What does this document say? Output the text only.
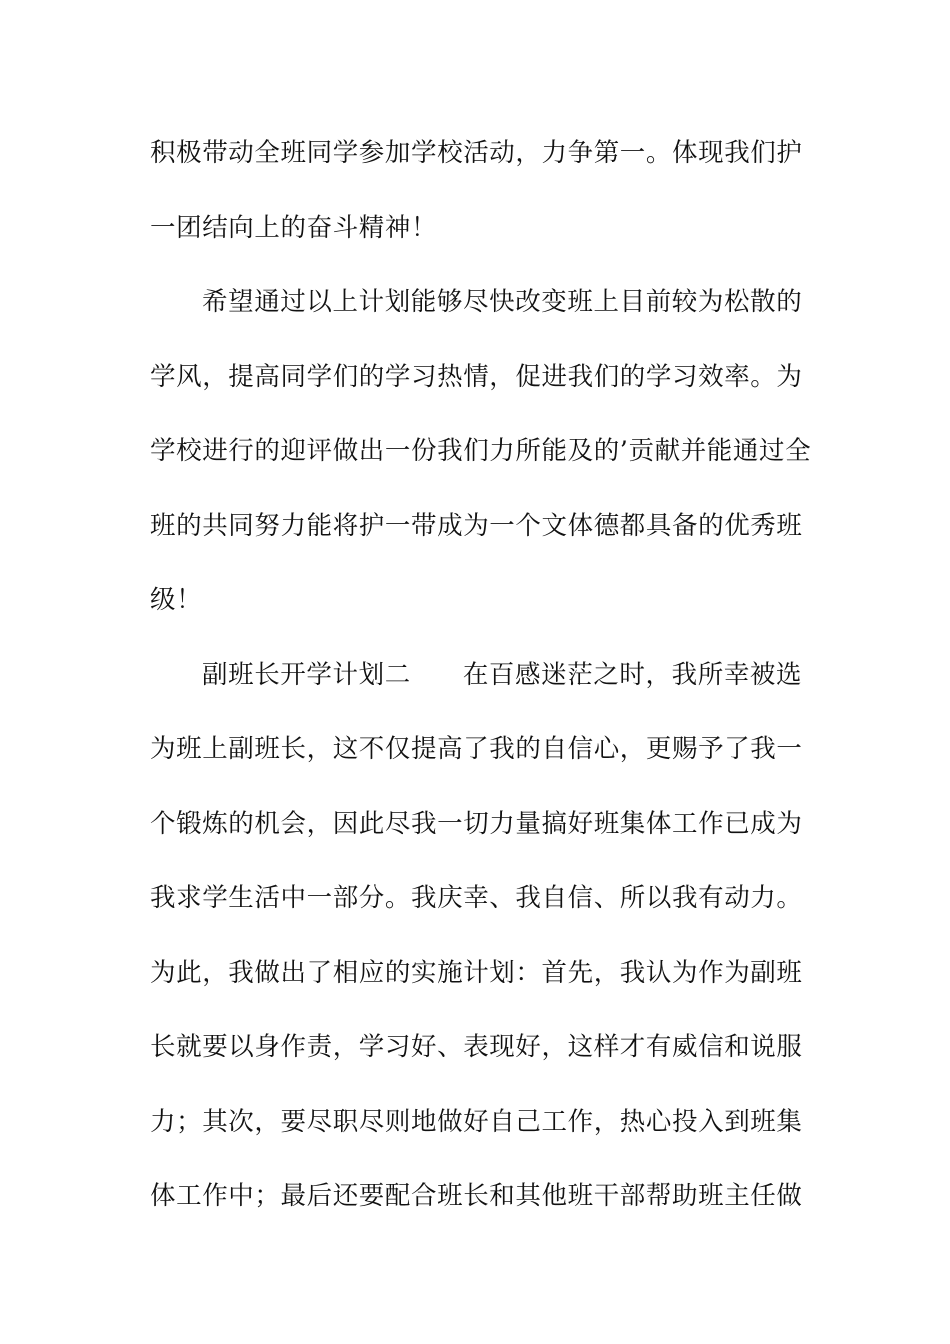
积极带动全班同学参加学校活动，力争第一。体现我们护
一团结向上的奋斗精神！
希望通过以上计划能够尽快改变班上目前较为松散的
学风，提高同学们的学习热情，促进我们的学习效率。为
学校进行的迎评做出一份我们力所能及的’贡献并能通过全
班的共同努力能将护一带成为一个文体德都具备的优秀班
级！
副班长开学计划二 在百感迷茫之时，我所幸被选
为班上副班长，这不仅提高了我的自信心，更赐予了我一
个锻炼的机会，因此尽我一切力量搞好班集体工作已成为
我求学生活中一部分。我庆幸、我自信、所以我有动力。
为此，我做出了相应的实施计划：首先，我认为作为副班
长就要以身作责，学习好、表现好，这样才有威信和说服
力；其次，要尽职尽则地做好自己工作，热心投入到班集
体工作中；最后还要配合班长和其他班干部帮助班主任做
